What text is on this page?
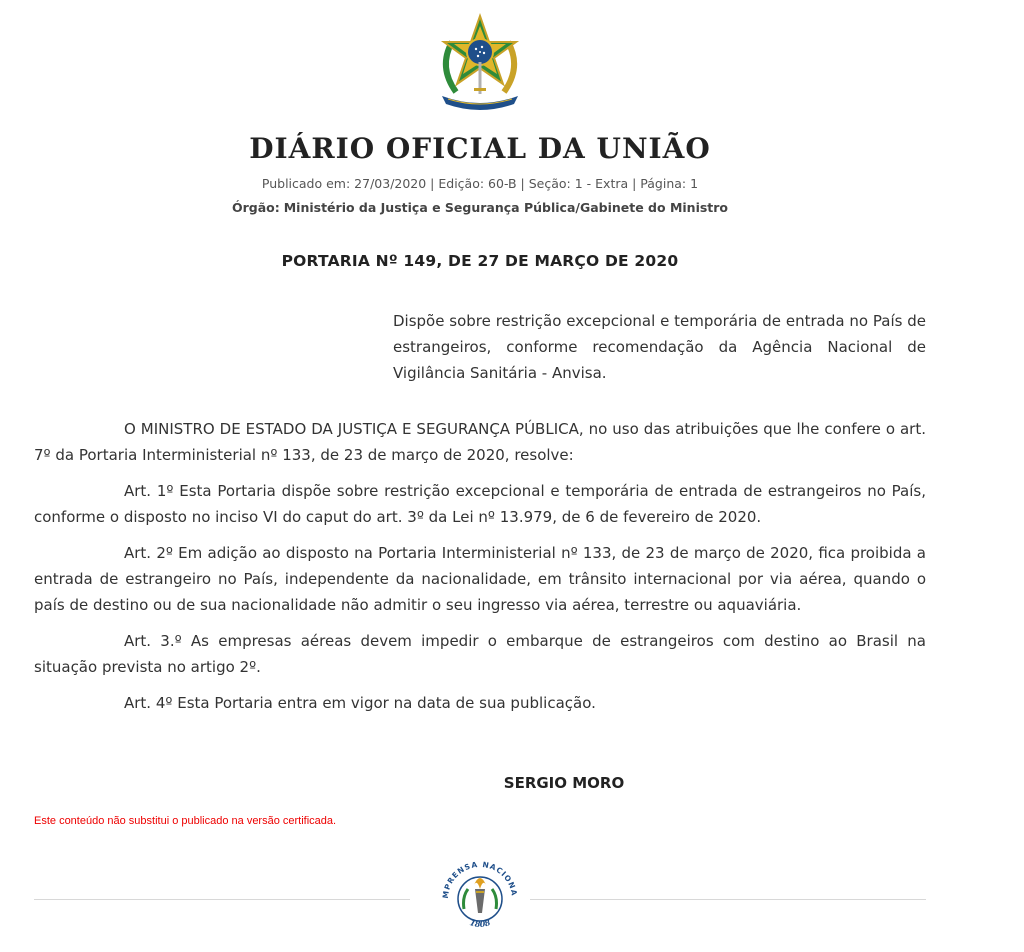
DIÁRIO OFICIAL DA UNIÃO
Publicado em: 27/03/2020 | Edição: 60-B | Seção: 1 - Extra | Página: 1
Órgão: Ministério da Justiça e Segurança Pública/Gabinete do Ministro
PORTARIA Nº 149, DE 27 DE MARÇO DE 2020
Dispõe sobre restrição excepcional e temporária de entrada no País de estrangeiros, conforme recomendação da Agência Nacional de Vigilância Sanitária - Anvisa.

O MINISTRO DE ESTADO DA JUSTIÇA E SEGURANÇA PÚBLICA, no uso das atribuições que lhe confere o art. 7º da Portaria Interministerial nº 133, de 23 de março de 2020, resolve:

Art. 1º Esta Portaria dispõe sobre restrição excepcional e temporária de entrada de estrangeiros no País, conforme o disposto no inciso VI do caput do art. 3º da Lei nº 13.979, de 6 de fevereiro de 2020.

Art. 2º Em adição ao disposto na Portaria Interministerial nº 133, de 23 de março de 2020, fica proibida a entrada de estrangeiro no País, independente da nacionalidade, em trânsito internacional por via aérea, quando o país de destino ou de sua nacionalidade não admitir o seu ingresso via aérea, terrestre ou aquaviária.

Art. 3.º As empresas aéreas devem impedir o embarque de estrangeiros com destino ao Brasil na situação prevista no artigo 2º.

Art. 4º Esta Portaria entra em vigor na data de sua publicação.

SERGIO MORO
Este conteúdo não substitui o publicado na versão certificada.
MPRENSA NACIONA
1808
